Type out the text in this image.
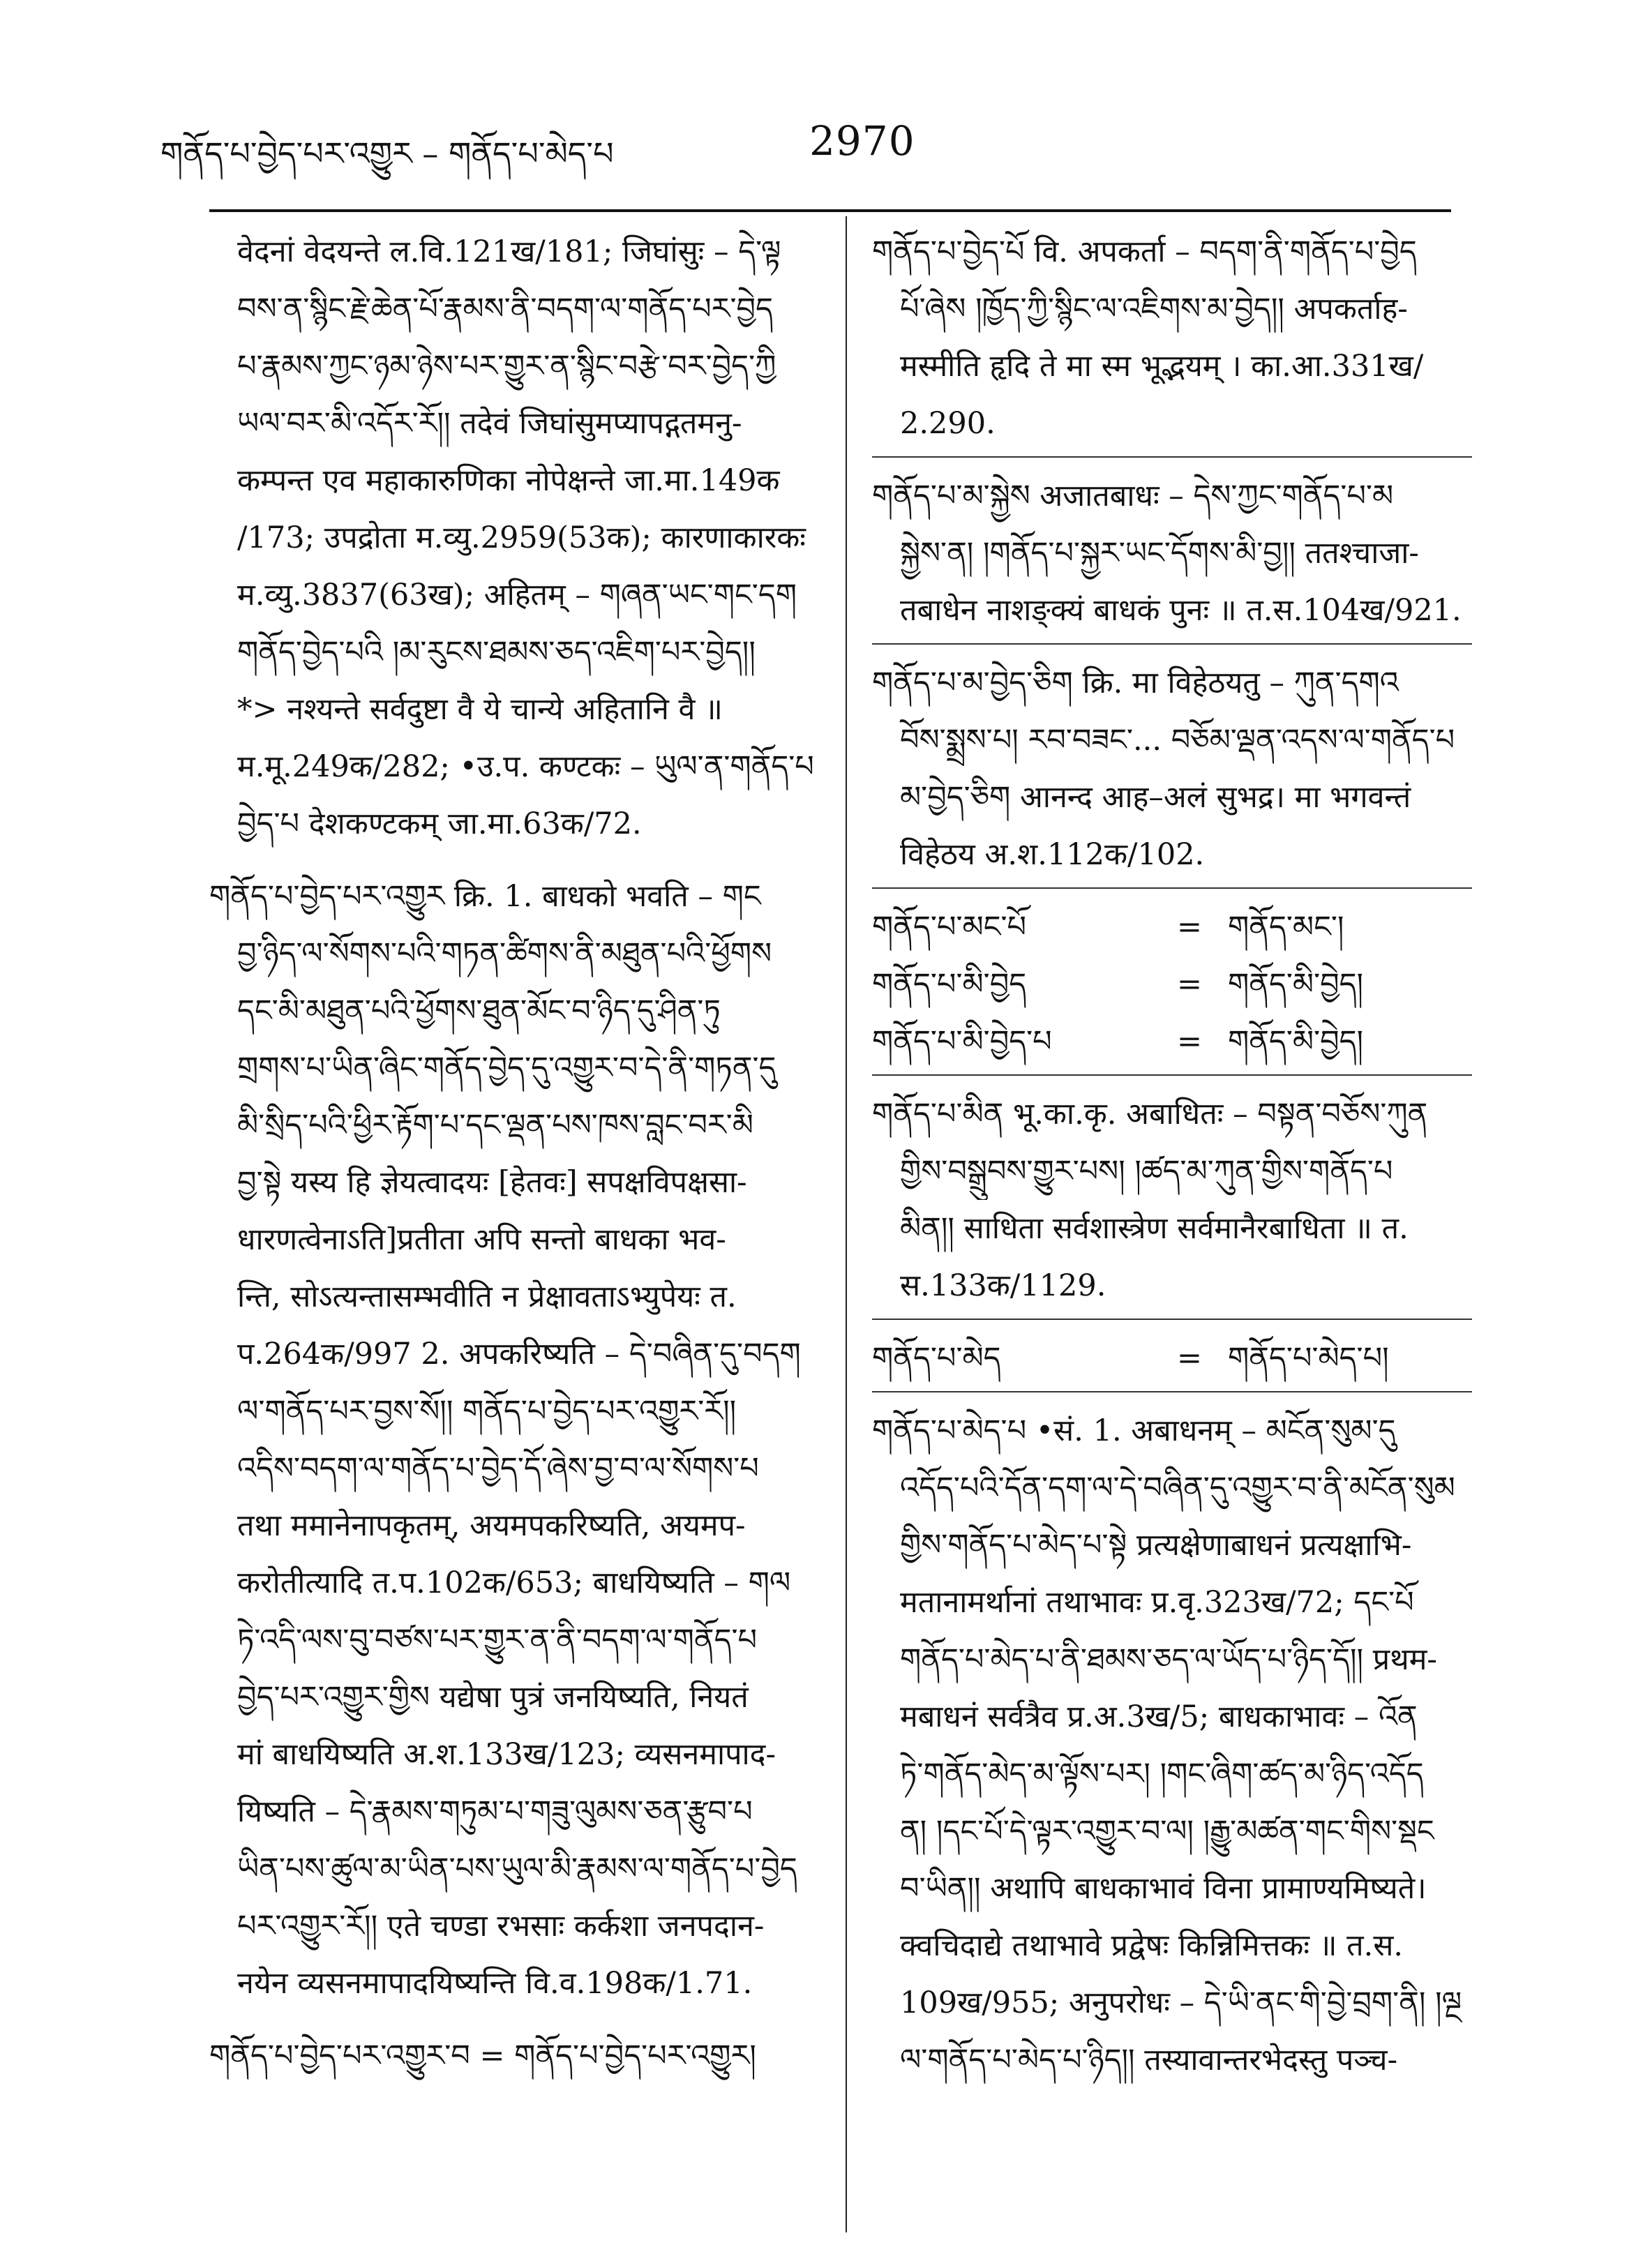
གནོད་པ་བྱེད་པར་འགྱུར – གནོད་པ་མེད་པ	2970
वेदनां वेदयन्ते ल.वि.121ख/181; जिघांसुः – དེ་ལྟ
བས་ན་སྙིང་རྗེ་ཆེན་པོ་རྣམས་ནི་བདག་ལ་གནོད་པར་བྱེད
པ་རྣམས་ཀྱང་ཉམ་ཉེས་པར་གྱུར་ན་སྙིང་བརྩེ་བར་བྱེད་ཀྱི
ཡལ་བར་མི་འདོར་རོ།། तदेवं जिघांसुमप्यापद्गतमनु-
कम्पन्त एव महाकारुणिका नोपेक्षन्ते जा.मा.149क
/173; उपद्रोता म.व्यु.2959(53क); कारणाकारकः
म.व्यु.3837(63ख); अहितम् – གཞན་ཡང་གང་དག
གནོད་བྱེད་པའི །མ་རུངས་ཐམས་ཅད་འཇིག་པར་བྱེད།།
*> नश्यन्ते सर्वदुष्टा वै ये चान्ये अहितानि वै ॥
म.मू.249क/282; •उ.प. कण्टकः – ཡུལ་ན་གནོད་པ
བྱེད་པ देशकण्टकम् जा.मा.63क/72.
གནོད་པ་བྱེད་པར་འགྱུར क्रि. 1. बाधको भवति – གང
བྱ་ཉིད་ལ་སོགས་པའི་གཏན་ཚིགས་ནི་མཐུན་པའི་ཕྱོགས
དང་མི་མཐུན་པའི་ཕྱོགས་ཐུན་མོང་བ་ཉིད་དུ་ཤིན་ཏུ
གྲགས་པ་ཡིན་ཞིང་གནོད་བྱེད་དུ་འགྱུར་བ་དེ་ནི་གཏན་དུ
མི་སྲིད་པའི་ཕྱིར་རྟོག་པ་དང་ལྡན་པས་ཁས་བླང་བར་མི
བྱ་སྟེ यस्य हि ज्ञेयत्वादयः [हेतवः] सपक्षविपक्षसा-
धारणत्वेनाऽति]प्रतीता अपि सन्तो बाधका भव-
न्ति, सोऽत्यन्तासम्भवीति न प्रेक्षावताऽभ्युपेयः त.
प.264क/997 2. अपकरिष्यति – དེ་བཞིན་དུ་བདག
ལ་གནོད་པར་བྱས་སོ།། གནོད་པ་བྱེད་པར་འགྱུར་རོ།།
འདིས་བདག་ལ་གནོད་པ་བྱེད་དོ་ཞེས་བྱ་བ་ལ་སོགས་པ
तथा ममानेनापकृतम्, अयमपकरिष्यति, अयमप-
करोतीत्यादि त.प.102क/653; बाधयिष्यति – གལ
ཏེ་འདི་ལས་བུ་བཙས་པར་གྱུར་ན་ནི་བདག་ལ་གནོད་པ
བྱེད་པར་འགྱུར་གྱིས यद्येषा पुत्रं जनयिष्यति, नियतं
मां बाधयिष्यति अ.श.133ख/123; व्यसनमापाद-
यिष्यति – དེ་རྣམས་གཏུམ་པ་གཟུ་ལུམས་ཅན་རྩུབ་པ
ཡིན་པས་ཚུལ་མ་ཡིན་པས་ཡུལ་མི་རྣམས་ལ་གནོད་པ་བྱེད
པར་འགྱུར་རོ།། एते चण्डा रभसाः कर्कशा जनपदान-
नयेन व्यसनमापादयिष्यन्ति वि.व.198क/1.71.
གནོད་པ་བྱེད་པར་འགྱུར་བ = གནོད་པ་བྱེད་པར་འགྱུར།
གནོད་པ་བྱེད་པོ वि. अपकर्ता – བདག་ནི་གནོད་པ་བྱེད
པོ་ཞེས །ཁྱོད་ཀྱི་སྙིང་ལ་འཇིགས་མ་བྱེད།། अपकर्ताह-
मस्मीति हृदि ते मा स्म भूद्भयम् । का.आ.331ख/
2.290.
གནོད་པ་མ་སྐྱེས अजातबाधः – དེས་ཀྱང་གནོད་པ་མ
སྐྱེས་ན། །གནོད་པ་སྐྱར་ཡང་དོགས་མི་བྱ།། ततश्चाजा-
तबाधेन नाशङ्क्यं बाधकं पुनः ॥ त.स.104ख/921.
གནོད་པ་མ་བྱེད་ཅིག क्रि. मा विहेठयतु – ཀུན་དགའ
བོས་སྨྲས་པ། རབ་བཟང་... བཅོམ་ལྡན་འདས་ལ་གནོད་པ
མ་བྱེད་ཅིག आनन्द आह–अलं सुभद्र। मा भगवन्तं
विहेठय अ.श.112क/102.
གནོད་པ་མང་པོ	= གནོད་མང་།
གནོད་པ་མི་བྱེད	= གནོད་མི་བྱེད།
གནོད་པ་མི་བྱེད་པ	= གནོད་མི་བྱེད།
གནོད་པ་མིན भू.का.कृ. अबाधितः – བསྟན་བཅོས་ཀུན
གྱིས་བསྒྲུབས་གྱུར་པས། །ཚད་མ་ཀུན་གྱིས་གནོད་པ
མིན།། साधिता सर्वशास्त्रेण सर्वमानैरबाधिता ॥ त.
स.133क/1129.
གནོད་པ་མེད	= གནོད་པ་མེད་པ།
གནོད་པ་མེད་པ •सं. 1. अबाधनम् – མངོན་སུམ་དུ
འདོད་པའི་དོན་དག་ལ་དེ་བཞིན་དུ་འགྱུར་བ་ནི་མངོན་སུམ
གྱིས་གནོད་པ་མེད་པ་སྟེ प्रत्यक्षेणाबाधनं प्रत्यक्षाभि-
मतानामर्थानां तथाभावः प्र.वृ.323ख/72; དང་པོ
གནོད་པ་མེད་པ་ནི་ཐམས་ཅད་ལ་ཡོད་པ་ཉིད་དོ།། प्रथम-
मबाधनं सर्वत्रैव प्र.अ.3ख/5; बाधकाभावः – འོན
ཏེ་གནོད་མེད་མ་ལྟོས་པར། །གང་ཞིག་ཚད་མ་ཉིད་འདོད
ན། །དང་པོ་དེ་ལྟར་འགྱུར་བ་ལ། །རྒྱུ་མཚན་གང་གིས་སྡང
བ་ཡིན།། अथापि बाधकाभावं विना प्रामाण्यमिष्यते।
क्वचिदाद्ये तथाभावे प्रद्वेषः किन्निमित्तकः ॥ त.स.
109ख/955; अनुपरोधः – དེ་ཡི་ནང་གི་བྱེ་བྲག་ནི། །ལྔ
ལ་གནོད་པ་མེད་པ་ཉིད།། तस्यावान्तरभेदस्तु पञ्च-
